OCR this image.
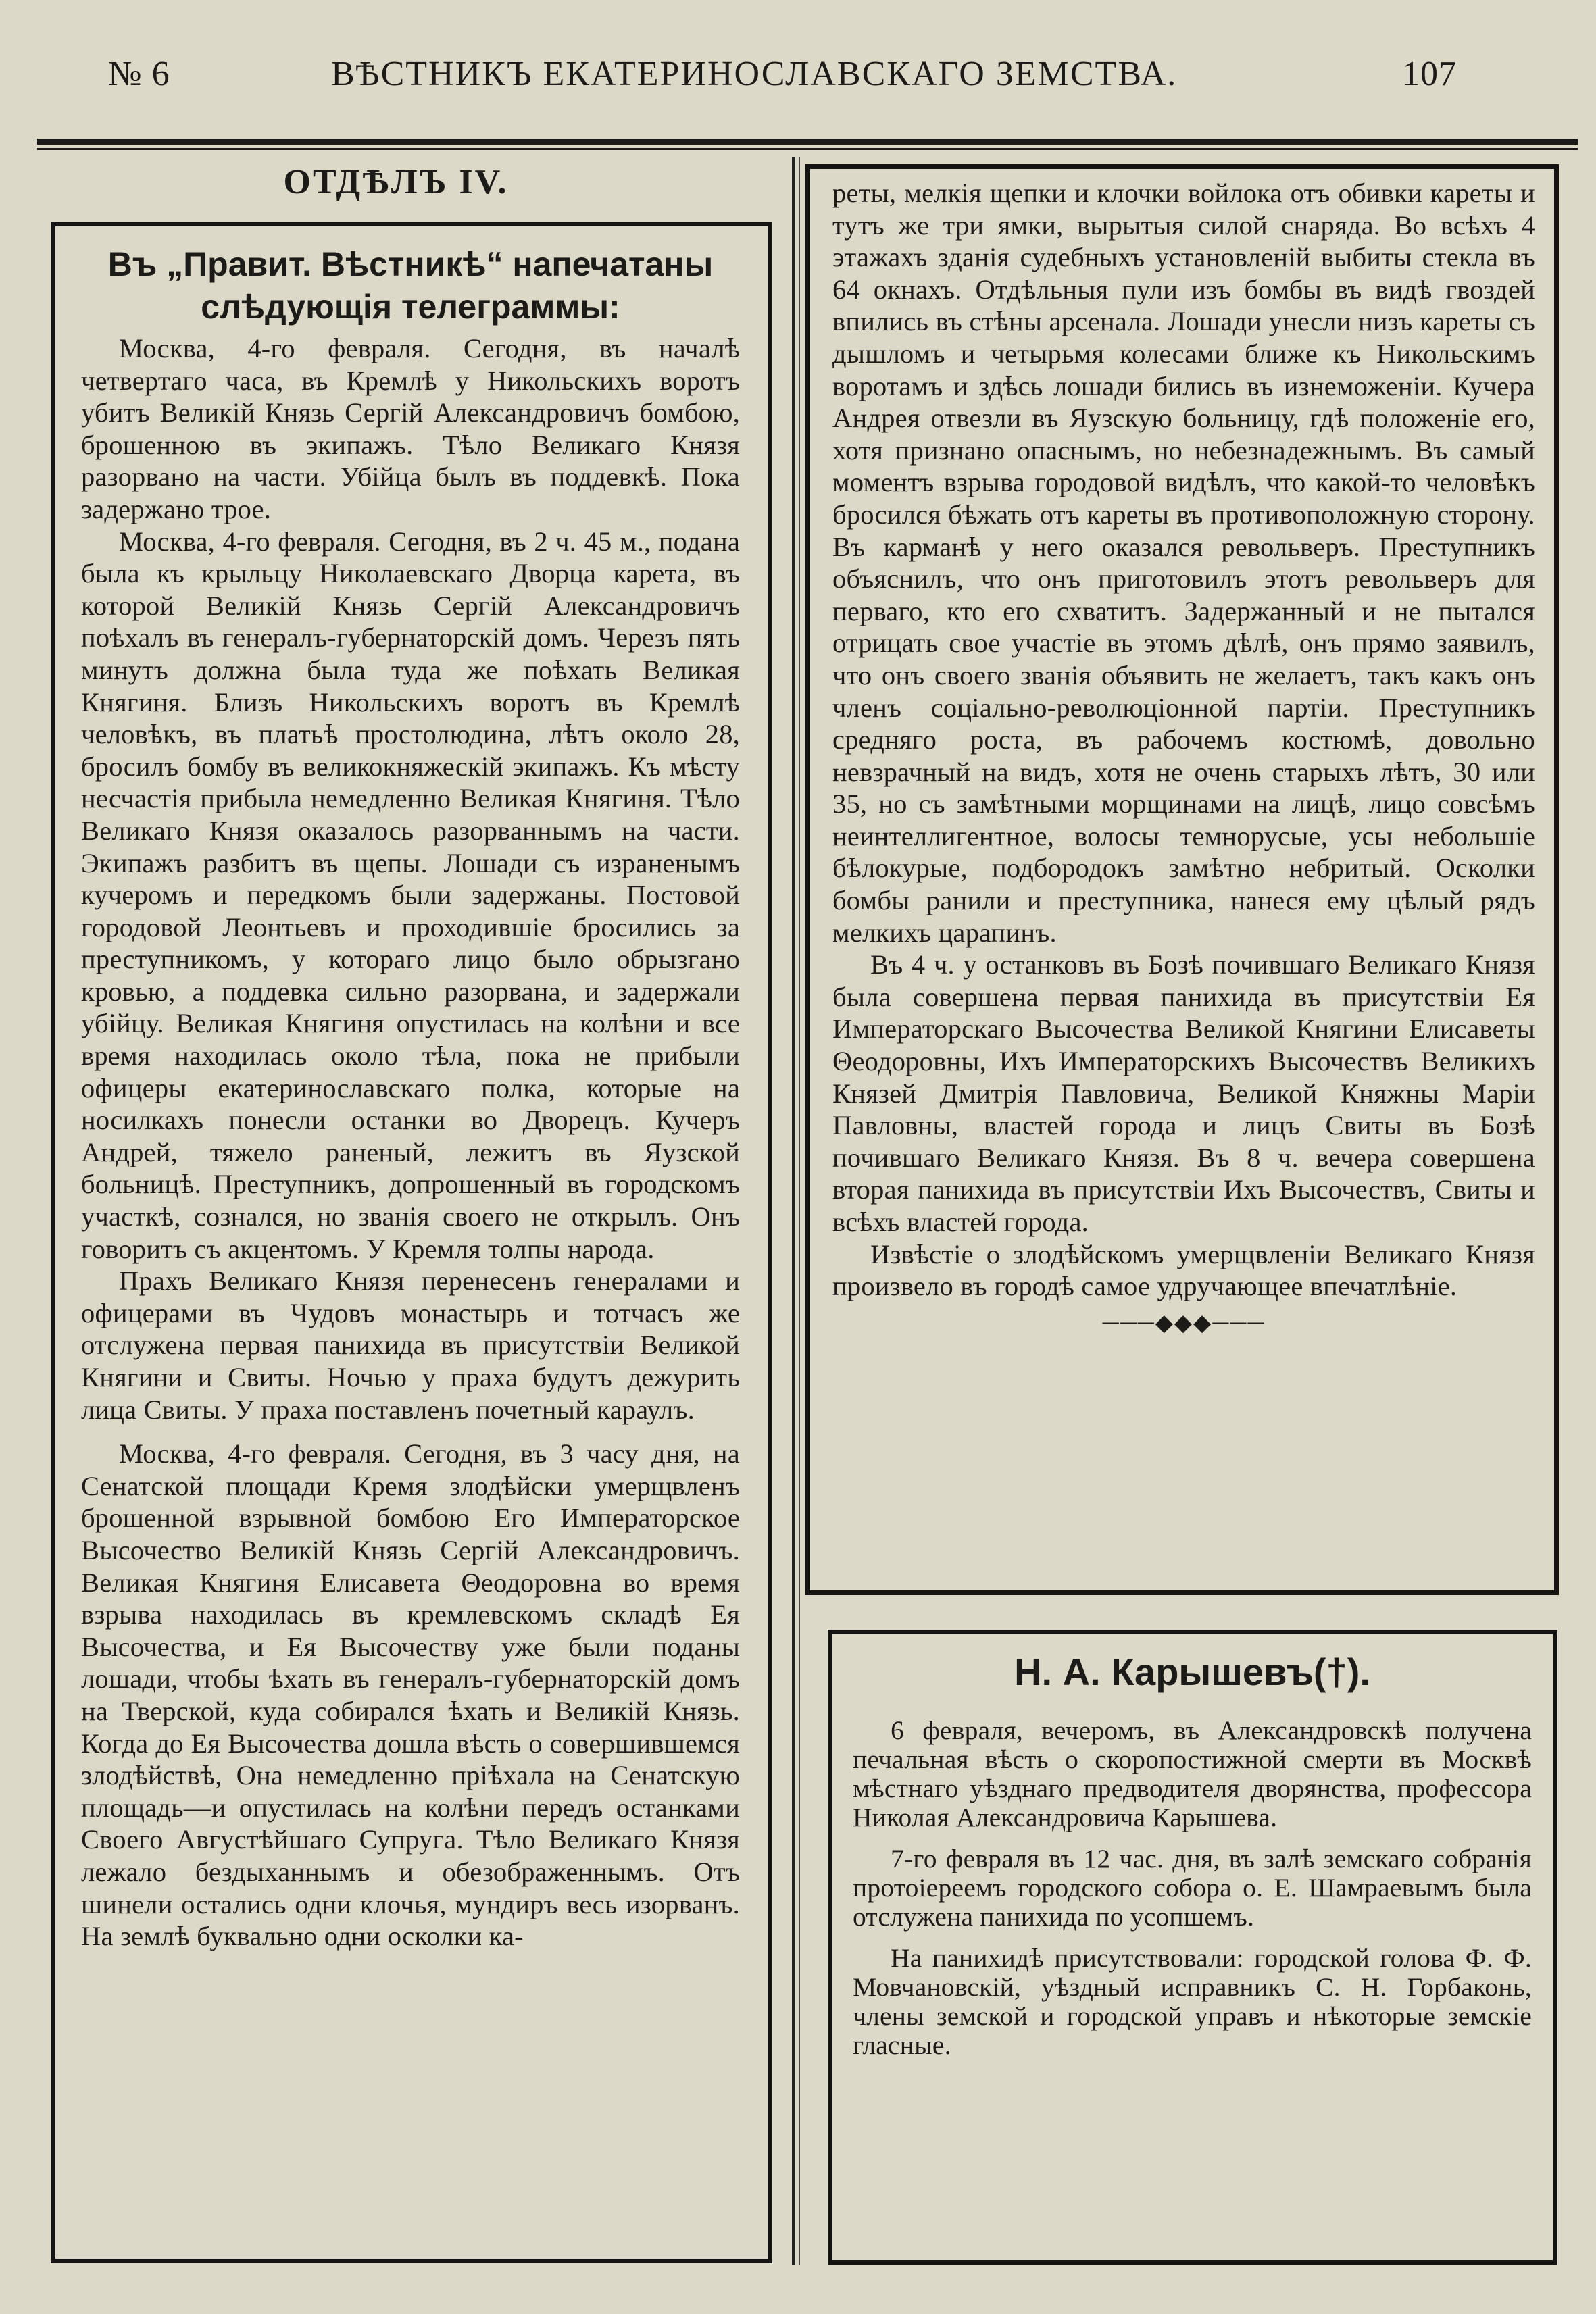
№ 6	ВѢСТНИКЪ ЕКАТЕРИНОСЛАВСКАГО ЗЕМСТВА.	107
ОТДѢЛЪ IV.
Въ „Правит. Вѣстникѣ“ напечатаны слѣдующія телеграммы:

Москва, 4-го февраля. Сегодня, въ началѣ четвертаго часа, въ Кремлѣ у Никольскихъ воротъ убитъ Великій Князь Сергій Александровичъ бомбою, брошенною въ экипажъ. Тѣло Великаго Князя разорвано на части. Убійца былъ въ поддевкѣ. Пока задержано трое.

Москва, 4-го февраля. Сегодня, въ 2 ч. 45 м., подана была къ крыльцу Николаевскаго Дворца карета, въ которой Великій Князь Сергій Александровичъ поѣхалъ въ генералъ-губернаторскій домъ. Черезъ пять минутъ должна была туда же поѣхать Великая Княгиня. Близъ Никольскихъ воротъ въ Кремлѣ человѣкъ, въ платьѣ простолюдина, лѣтъ около 28, бросилъ бомбу въ великокняжескій экипажъ. Къ мѣсту несчастія прибыла немедленно Великая Княгиня. Тѣло Великаго Князя оказалось разорваннымъ на части. Экипажъ разбитъ въ щепы. Лошади съ израненымъ кучеромъ и передкомъ были задержаны. Постовой городовой Леонтьевъ и проходившіе бросились за преступникомъ, у котораго лицо было обрызгано кровью, а поддевка сильно разорвана, и задержали убійцу. Великая Княгиня опустилась на колѣни и все время находилась около тѣла, пока не прибыли офицеры екатеринославскаго полка, которые на носилкахъ понесли останки во Дворецъ. Кучеръ Андрей, тяжело раненый, лежитъ въ Яузской больницѣ. Преступникъ, допрошенный въ городскомъ участкѣ, сознался, но званія своего не открылъ. Онъ говоритъ съ акцентомъ. У Кремля толпы народа.

Прахъ Великаго Князя перенесенъ генералами и офицерами въ Чудовъ монастырь и тотчасъ же отслужена первая панихида въ присутствіи Великой Княгини и Свиты. Ночью у праха будутъ дежурить лица Свиты. У праха поставленъ почетный караулъ.

Москва, 4-го февраля. Сегодня, въ 3 часу дня, на Сенатской площади Кремя злодѣйски умерщвленъ брошенной взрывной бомбою Его Императорское Высочество Великій Князь Сергій Александровичъ. Великая Княгиня Елисавета Θеодоровна во время взрыва находилась въ кремлевскомъ складѣ Ея Высочества, и Ея Высочеству уже были поданы лошади, чтобы ѣхать въ генералъ-губернаторскій домъ на Тверской, куда собирался ѣхать и Великій Князь. Когда до Ея Высочества дошла вѣсть о совершившемся злодѣйствѣ, Она немедленно пріѣхала на Сенатскую площадь—и опустилась на колѣни передъ останками Своего Августѣйшаго Супруга. Тѣло Великаго Князя лежало бездыханнымъ и обезображеннымъ. Отъ шинели остались одни клочья, мундиръ весь изорванъ. На землѣ буквально одни осколки ка-

реты, мелкія щепки и клочки войлока отъ обивки кареты и тутъ же три ямки, вырытыя силой снаряда. Во всѣхъ 4 этажахъ зданія судебныхъ установленій выбиты стекла въ 64 окнахъ. Отдѣльныя пули изъ бомбы въ видѣ гвоздей впились въ стѣны арсенала. Лошади унесли низъ кареты съ дышломъ и четырьмя колесами ближе къ Никольскимъ воротамъ и здѣсь лошади бились въ изнеможеніи. Кучера Андрея отвезли въ Яузскую больницу, гдѣ положеніе его, хотя признано опаснымъ, но небезнадежнымъ. Въ самый моментъ взрыва городовой видѣлъ, что какой-то человѣкъ бросился бѣжать отъ кареты въ противоположную сторону. Въ карманѣ у него оказался револьверъ. Преступникъ объяснилъ, что онъ приготовилъ этотъ револьверъ для перваго, кто его схватитъ. Задержанный и не пытался отрицать свое участіе въ этомъ дѣлѣ, онъ прямо заявилъ, что онъ своего званія объявить не желаетъ, такъ какъ онъ членъ соціально-революціонной партіи. Преступникъ средняго роста, въ рабочемъ костюмѣ, довольно невзрачный на видъ, хотя не очень старыхъ лѣтъ, 30 или 35, но съ замѣтными морщинами на лицѣ, лицо совсѣмъ неинтеллигентное, волосы темнорусые, усы небольшіе бѣлокурые, подбородокъ замѣтно небритый. Осколки бомбы ранили и преступника, нанеся ему цѣлый рядъ мелкихъ царапинъ.

Въ 4 ч. у останковъ въ Бозѣ почившаго Великаго Князя была совершена первая панихида въ присутствіи Ея Императорскаго Высочества Великой Княгини Елисаветы Θеодоровны, Ихъ Императорскихъ Высочествъ Великихъ Князей Дмитрія Павловича, Великой Княжны Маріи Павловны, властей города и лицъ Свиты въ Бозѣ почившаго Великаго Князя. Въ 8 ч. вечера совершена вторая панихида въ присутствіи Ихъ Высочествъ, Свиты и всѣхъ властей города.

Извѣстіе о злодѣйскомъ умерщвленіи Великаго Князя произвело въ городѣ самое удручающее впечатлѣніе.

───◆◆◆───
Н. А. Карышевъ(†).

6 февраля, вечеромъ, въ Александровскѣ получена печальная вѣсть о скоропостижной смерти въ Москвѣ мѣстнаго уѣзднаго предводителя дворянства, профессора Николая Александровича Карышева.

7-го февраля въ 12 час. дня, въ залѣ земскаго собранія протоіереемъ городского собора о. Е. Шамраевымъ была отслужена панихида по усопшемъ.

На панихидѣ присутствовали: городской голова Ф. Ф. Мовчановскій, уѣздный исправникъ С. Н. Горбаконь, члены земской и городской управъ и нѣкоторые земскіе гласные.
